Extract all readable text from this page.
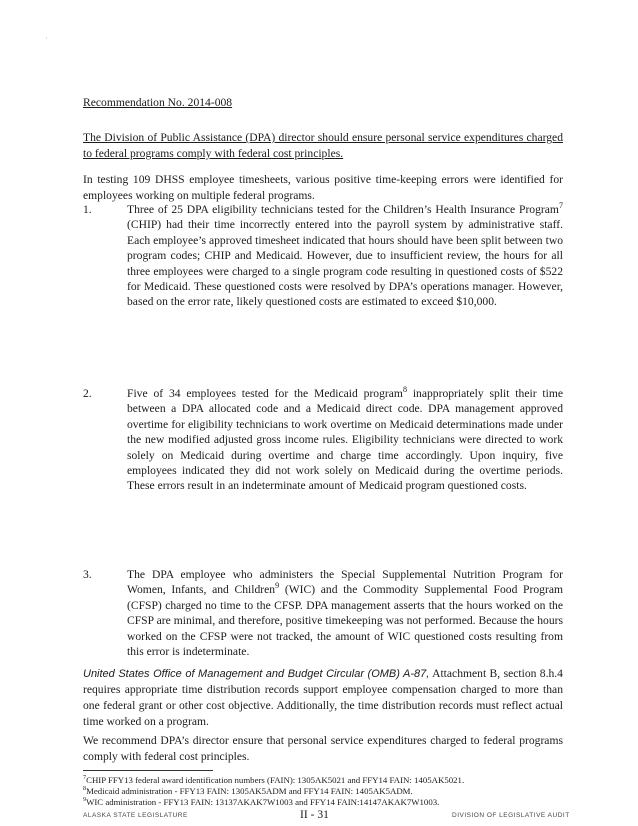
·
Recommendation No. 2014-008
The Division of Public Assistance (DPA) director should ensure personal service expenditures charged to federal programs comply with federal cost principles.
In testing 109 DHSS employee timesheets, various positive time-keeping errors were identified for employees working on multiple federal programs.
1.	Three of 25 DPA eligibility technicians tested for the Children’s Health Insurance Program$^7$ (CHIP) had their time incorrectly entered into the payroll system by administrative staff. Each employee’s approved timesheet indicated that hours should have been split between two program codes; CHIP and Medicaid. However, due to insufficient review, the hours for all three employees were charged to a single program code resulting in questioned costs of $522 for Medicaid. These questioned costs were resolved by DPA’s operations manager. However, based on the error rate, likely questioned costs are estimated to exceed $10,000.
2.	Five of 34 employees tested for the Medicaid program$^8$ inappropriately split their time between a DPA allocated code and a Medicaid direct code. DPA management approved overtime for eligibility technicians to work overtime on Medicaid determinations made under the new modified adjusted gross income rules. Eligibility technicians were directed to work solely on Medicaid during overtime and charge time accordingly. Upon inquiry, five employees indicated they did not work solely on Medicaid during the overtime periods. These errors result in an indeterminate amount of Medicaid program questioned costs.
3.	The DPA employee who administers the Special Supplemental Nutrition Program for Women, Infants, and Children$^9$ (WIC) and the Commodity Supplemental Food Program (CFSP) charged no time to the CFSP. DPA management asserts that the hours worked on the CFSP are minimal, and therefore, positive timekeeping was not performed. Because the hours worked on the CFSP were not tracked, the amount of WIC questioned costs resulting from this error is indeterminate.
United States Office of Management and Budget Circular (OMB) A-87, Attachment B, section 8.h.4 requires appropriate time distribution records support employee compensation charged to more than one federal grant or other cost objective. Additionally, the time distribution records must reflect actual time worked on a program.
We recommend DPA’s director ensure that personal service expenditures charged to federal programs comply with federal cost principles.
$^7$CHIP FFY13 federal award identification numbers (FAIN): 1305AK5021 and FFY14 FAIN: 1405AK5021.
$^8$Medicaid administration - FFY13 FAIN: 1305AK5ADM and FFY14 FAIN: 1405AK5ADM.
$^9$WIC administration - FFY13 FAIN: 13137AKAK7W1003 and FFY14 FAIN:14147AKAK7W1003.
ALASKA STATE LEGISLATURE	II - 31	DIVISION OF LEGISLATIVE AUDIT
